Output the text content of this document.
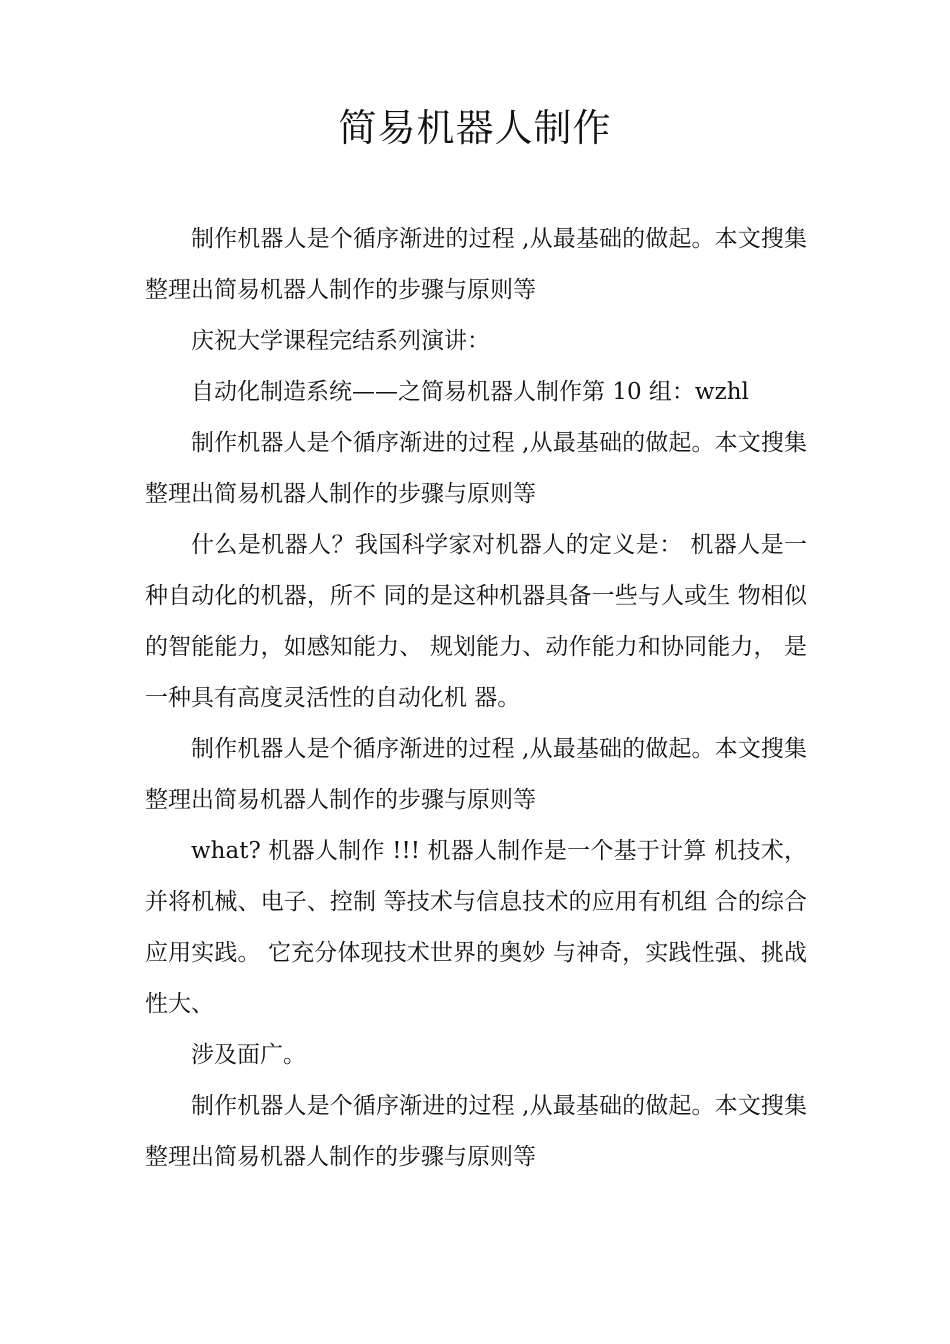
简易机器人制作

制作机器人是个循序渐进的过程 ,从最基础的做起。本文搜集整理出简易机器人制作的步骤与原则等

庆祝大学课程完结系列演讲：

自动化制造系统——之简易机器人制作第 10 组：wzhl

制作机器人是个循序渐进的过程 ,从最基础的做起。本文搜集整理出简易机器人制作的步骤与原则等

什么是机器人？我国科学家对机器人的定义是： 机器人是一种自动化的机器，所不 同的是这种机器具备一些与人或生 物相似的智能能力，如感知能力、 规划能力、动作能力和协同能力， 是一种具有高度灵活性的自动化机 器。

制作机器人是个循序渐进的过程 ,从最基础的做起。本文搜集整理出简易机器人制作的步骤与原则等

what? 机器人制作 !!! 机器人制作是一个基于计算 机技术，并将机械、电子、控制 等技术与信息技术的应用有机组 合的综合应用实践。 它充分体现技术世界的奥妙 与神奇，实践性强、挑战性大、

涉及面广。

制作机器人是个循序渐进的过程 ,从最基础的做起。本文搜集整理出简易机器人制作的步骤与原则等
